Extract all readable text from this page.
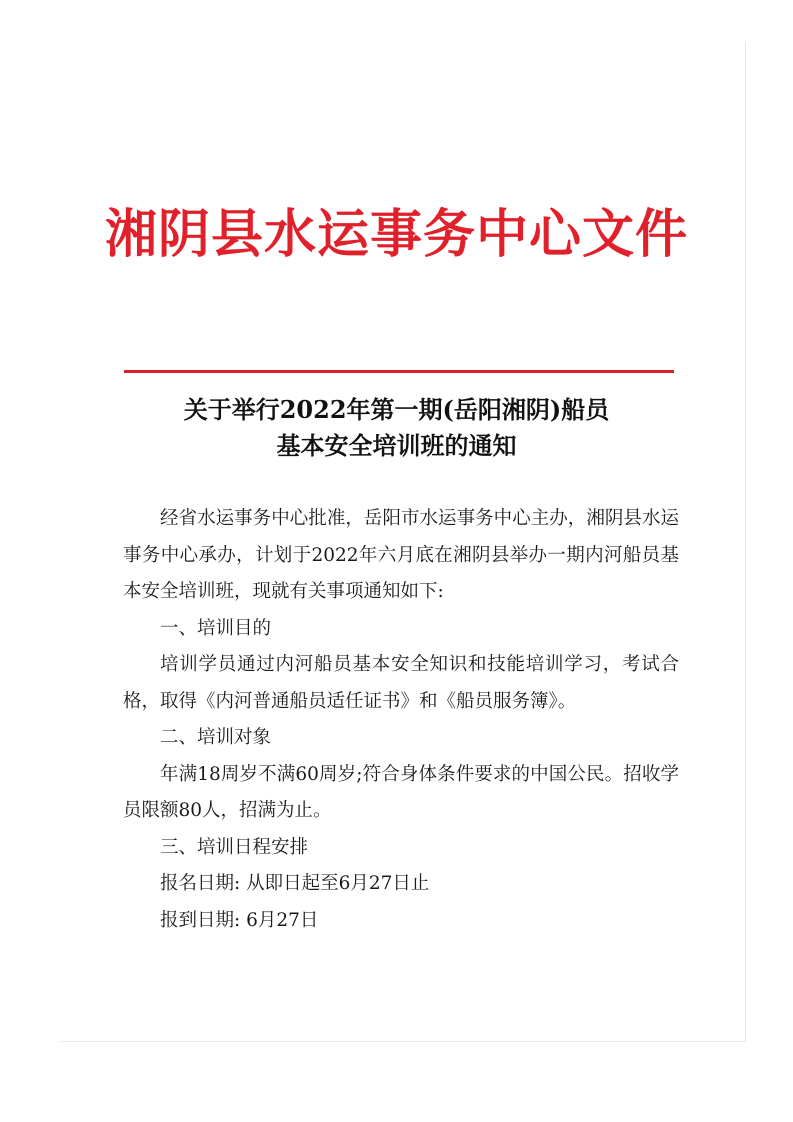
湘阴县水运事务中心文件
关于举行2022年第一期(岳阳湘阴)船员
基本安全培训班的通知

经省水运事务中心批准，岳阳市水运事务中心主办，湘阴县水运事务中心承办，计划于2022年六月底在湘阴县举办一期内河船员基本安全培训班，现就有关事项通知如下:

一、培训目的

培训学员通过内河船员基本安全知识和技能培训学习，考试合格，取得《内河普通船员适任证书》和《船员服务簿》。

二、培训对象

年满18周岁不满60周岁;符合身体条件要求的中国公民。招收学员限额80人，招满为止。

三、培训日程安排

报名日期: 从即日起至6月27日止

报到日期: 6月27日
